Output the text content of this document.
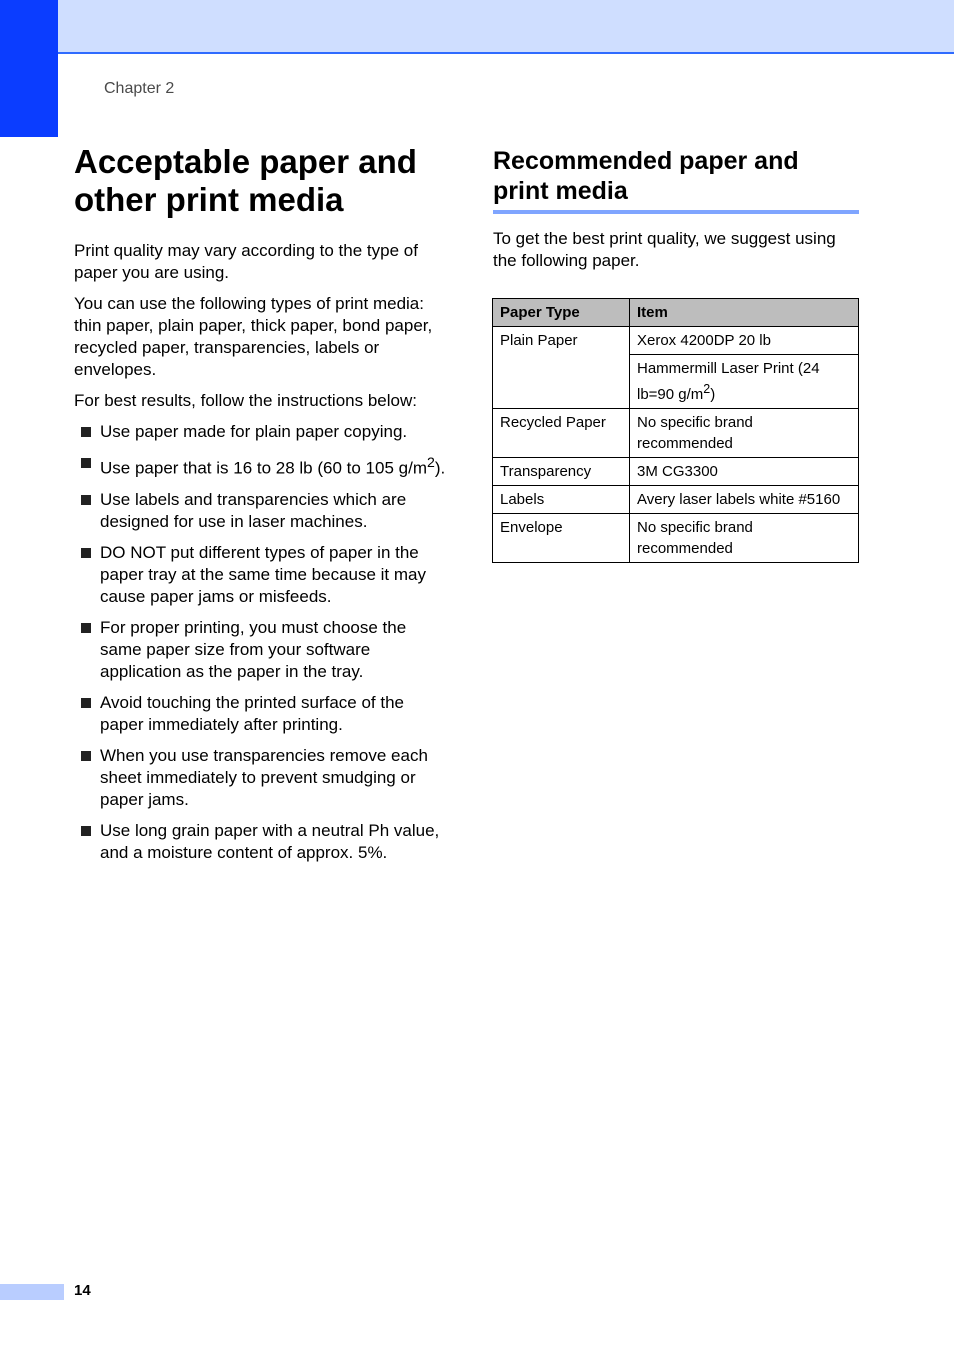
Chapter 2
Acceptable paper and
other print media

Print quality may vary according to the type of paper you are using.

You can use the following types of print media: thin paper, plain paper, thick paper, bond paper, recycled paper, transparencies, labels or envelopes.

For best results, follow the instructions below:

Use paper made for plain paper copying.
Use paper that is 16 to 28 lb (60 to 105 $g/m^2$).
Use labels and transparencies which are designed for use in laser machines.
DO NOT put different types of paper in the paper tray at the same time because it may cause paper jams or misfeeds.
For proper printing, you must choose the same paper size from your software application as the paper in the tray.
Avoid touching the printed surface of the paper immediately after printing.
When you use transparencies remove each sheet immediately to prevent smudging or paper jams.
Use long grain paper with a neutral Ph value, and a moisture content of approx. 5%.
Recommended paper and
print media

To get the best print quality, we suggest using the following paper.

Paper Type	Item
Plain Paper	Xerox 4200DP 20 lb
	Hammermill Laser Print (24 lb=90 $g/m^2$)
Recycled Paper	No specific brand recommended
Transparency	3M CG3300
Labels	Avery laser labels white #5160
Envelope	No specific brand recommended
14
